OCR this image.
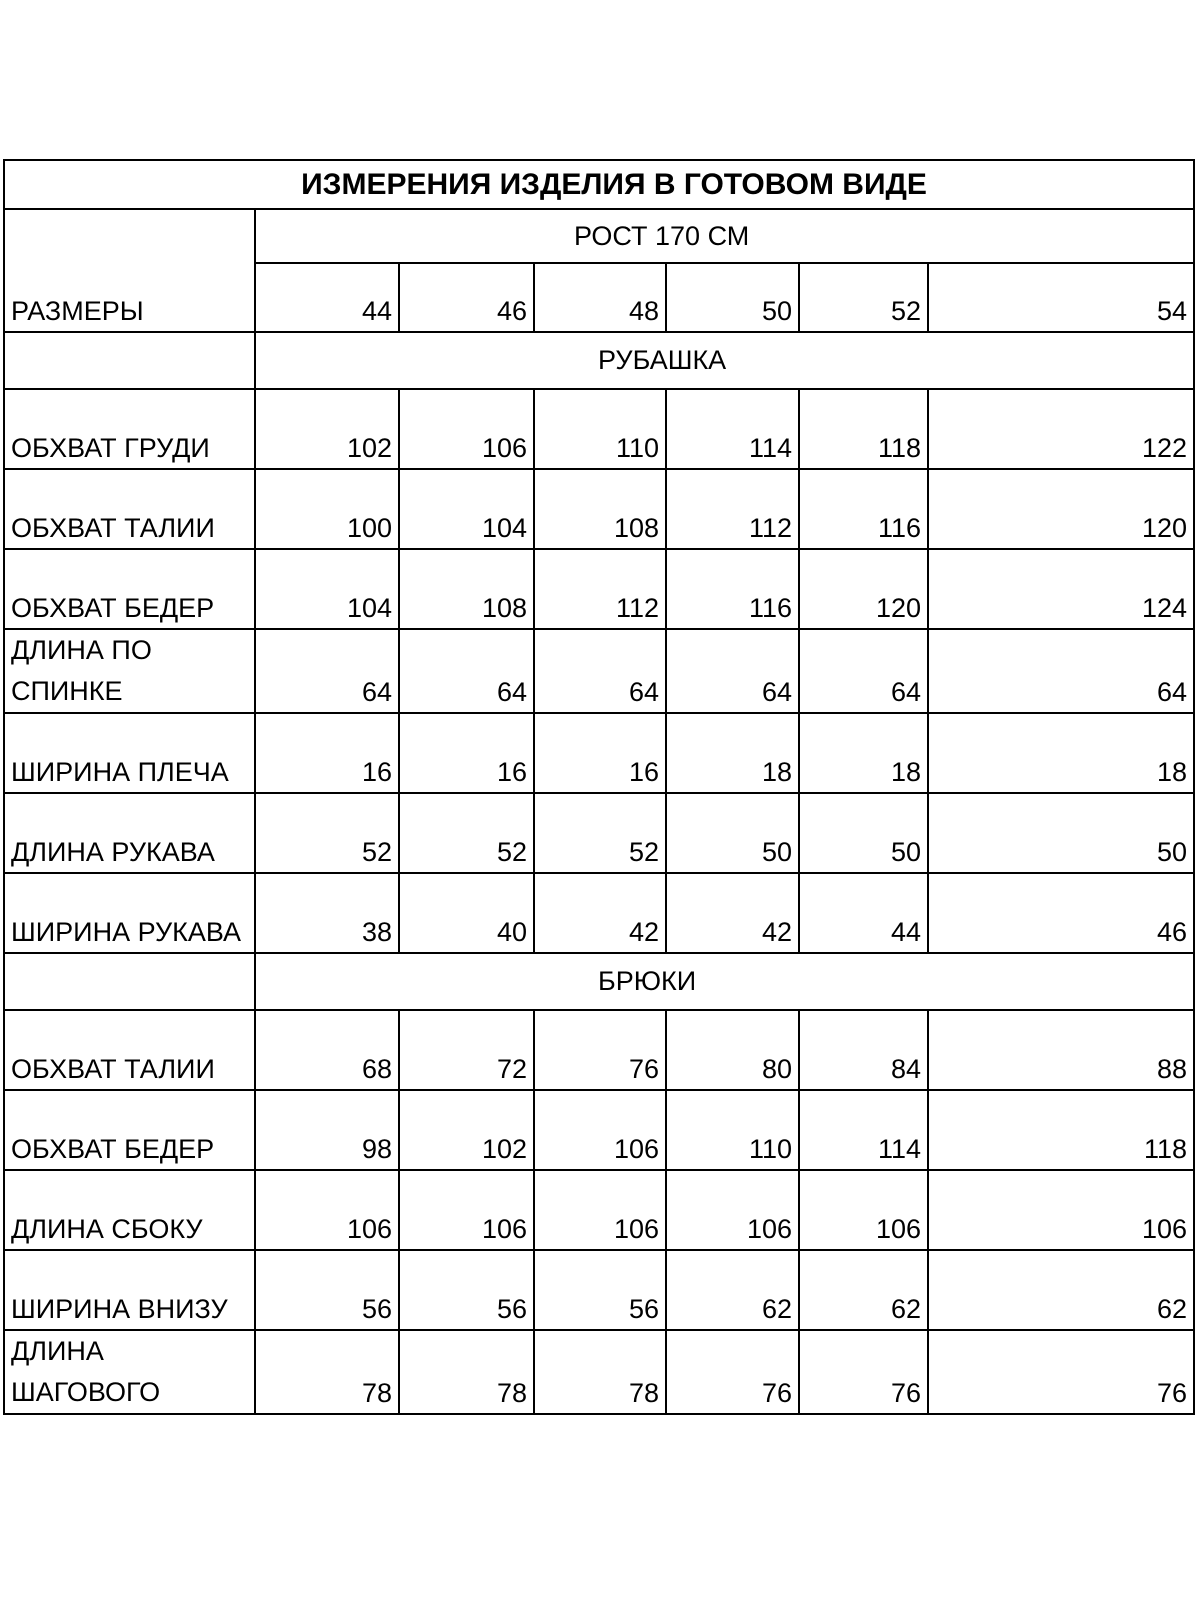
ИЗМЕРЕНИЯ ИЗДЕЛИЯ В ГОТОВОМ ВИДЕ						
РАЗМЕРЫ	РОСТ 170 СМ					
	44	46	48	50	52	54
	РУБАШКА					
ОБХВАТ ГРУДИ	102	106	110	114	118	122
ОБХВАТ ТАЛИИ	100	104	108	112	116	120
ОБХВАТ БЕДЕР	104	108	112	116	120	124
ДЛИНА ПО СПИНКЕ	64	64	64	64	64	64
ШИРИНА ПЛЕЧА	16	16	16	18	18	18
ДЛИНА РУКАВА	52	52	52	50	50	50
ШИРИНА РУКАВА	38	40	42	42	44	46
	БРЮКИ					
ОБХВАТ ТАЛИИ	68	72	76	80	84	88
ОБХВАТ БЕДЕР	98	102	106	110	114	118
ДЛИНА СБОКУ	106	106	106	106	106	106
ШИРИНА ВНИЗУ	56	56	56	62	62	62
ДЛИНА ШАГОВОГО	78	78	78	76	76	76
